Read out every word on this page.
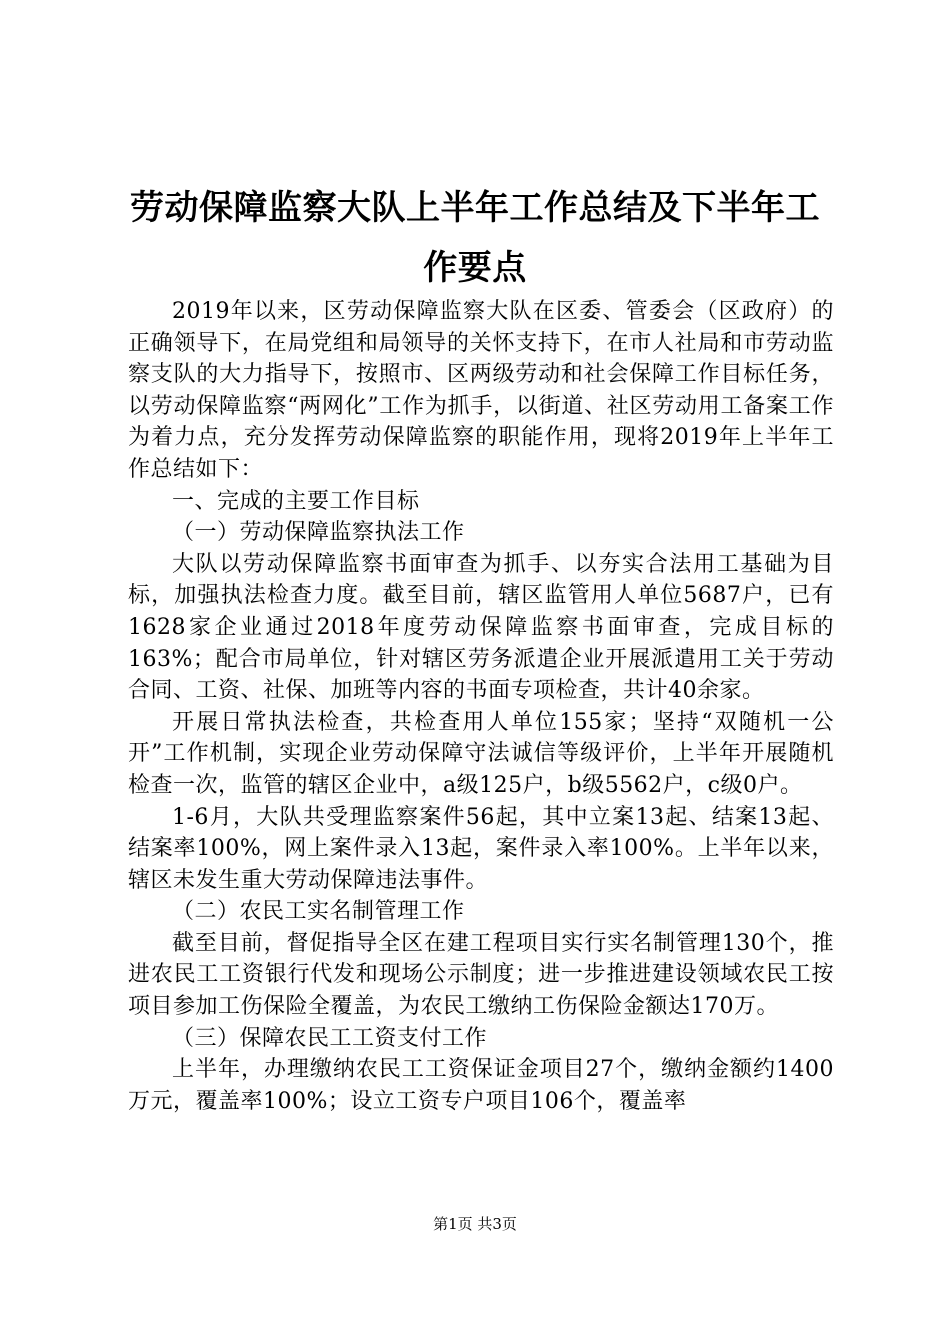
劳动保障监察大队上半年工作总结及下半年工作要点

2019年以来，区劳动保障监察大队在区委、管委会（区政府）的正确领导下，在局党组和局领导的关怀支持下，在市人社局和市劳动监察支队的大力指导下，按照市、区两级劳动和社会保障工作目标任务，以劳动保障监察“两网化”工作为抓手，以街道、社区劳动用工备案工作为着力点，充分发挥劳动保障监察的职能作用，现将2019年上半年工作总结如下：

一、完成的主要工作目标

（一）劳动保障监察执法工作

大队以劳动保障监察书面审查为抓手、以夯实合法用工基础为目标，加强执法检查力度。截至目前，辖区监管用人单位5687户，已有1628家企业通过2018年度劳动保障监察书面审查，完成目标的163%；配合市局单位，针对辖区劳务派遣企业开展派遣用工关于劳动合同、工资、社保、加班等内容的书面专项检查，共计40余家。

开展日常执法检查，共检查用人单位155家；坚持“双随机一公开”工作机制，实现企业劳动保障守法诚信等级评价，上半年开展随机检查一次，监管的辖区企业中，a级125户，b级5562户，c级0户。

1-6月，大队共受理监察案件56起，其中立案13起、结案13起、结案率100%，网上案件录入13起，案件录入率100%。上半年以来，辖区未发生重大劳动保障违法事件。

（二）农民工实名制管理工作

截至目前，督促指导全区在建工程项目实行实名制管理130个，推进农民工工资银行代发和现场公示制度；进一步推进建设领域农民工按项目参加工伤保险全覆盖，为农民工缴纳工伤保险金额达170万。

（三）保障农民工工资支付工作

上半年，办理缴纳农民工工资保证金项目27个，缴纳金额约1400万元，覆盖率100%；设立工资专户项目106个，覆盖率

第1页 共3页
